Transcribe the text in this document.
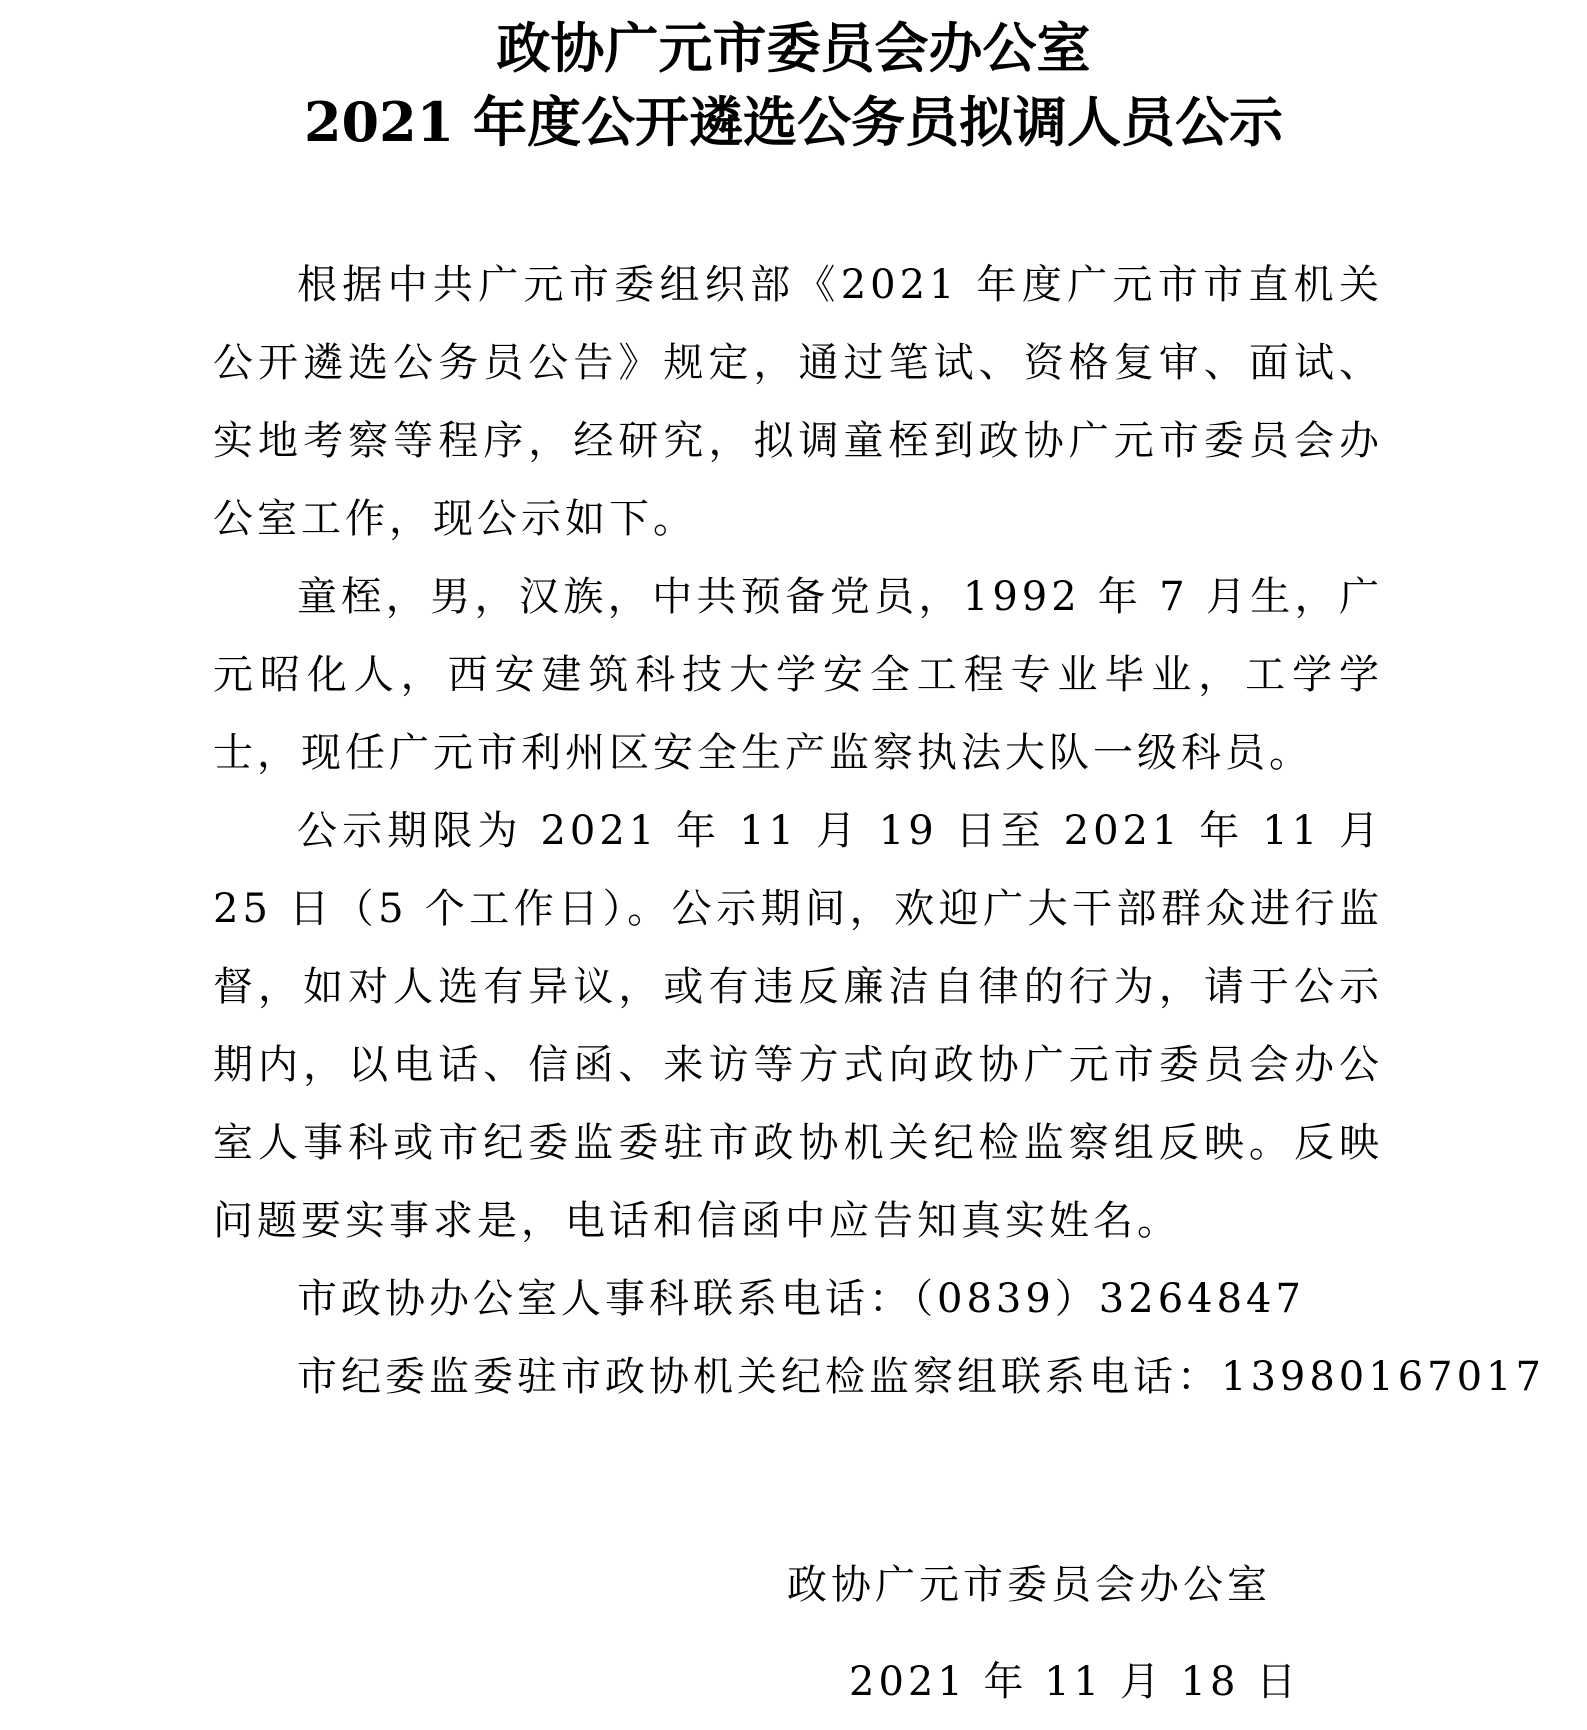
政协广元市委员会办公室
2021 年度公开遴选公务员拟调人员公示

根据中共广元市委组织部《2021 年度广元市市直机关公开遴选公务员公告》规定，通过笔试、资格复审、面试、实地考察等程序，经研究，拟调童桎到政协广元市委员会办公室工作，现公示如下。

童桎，男，汉族，中共预备党员，1992 年 7 月生，广元昭化人，西安建筑科技大学安全工程专业毕业，工学学士，现任广元市利州区安全生产监察执法大队一级科员。

公示期限为 2021 年 11 月 19 日至 2021 年 11 月 25 日（5 个工作日）。公示期间，欢迎广大干部群众进行监督，如对人选有异议，或有违反廉洁自律的行为，请于公示期内，以电话、信函、来访等方式向政协广元市委员会办公室人事科或市纪委监委驻市政协机关纪检监察组反映。反映问题要实事求是，电话和信函中应告知真实姓名。

市政协办公室人事科联系电话：（0839）3264847

市纪委监委驻市政协机关纪检监察组联系电话：13980167017

政协广元市委员会办公室

2021 年 11 月 18 日
